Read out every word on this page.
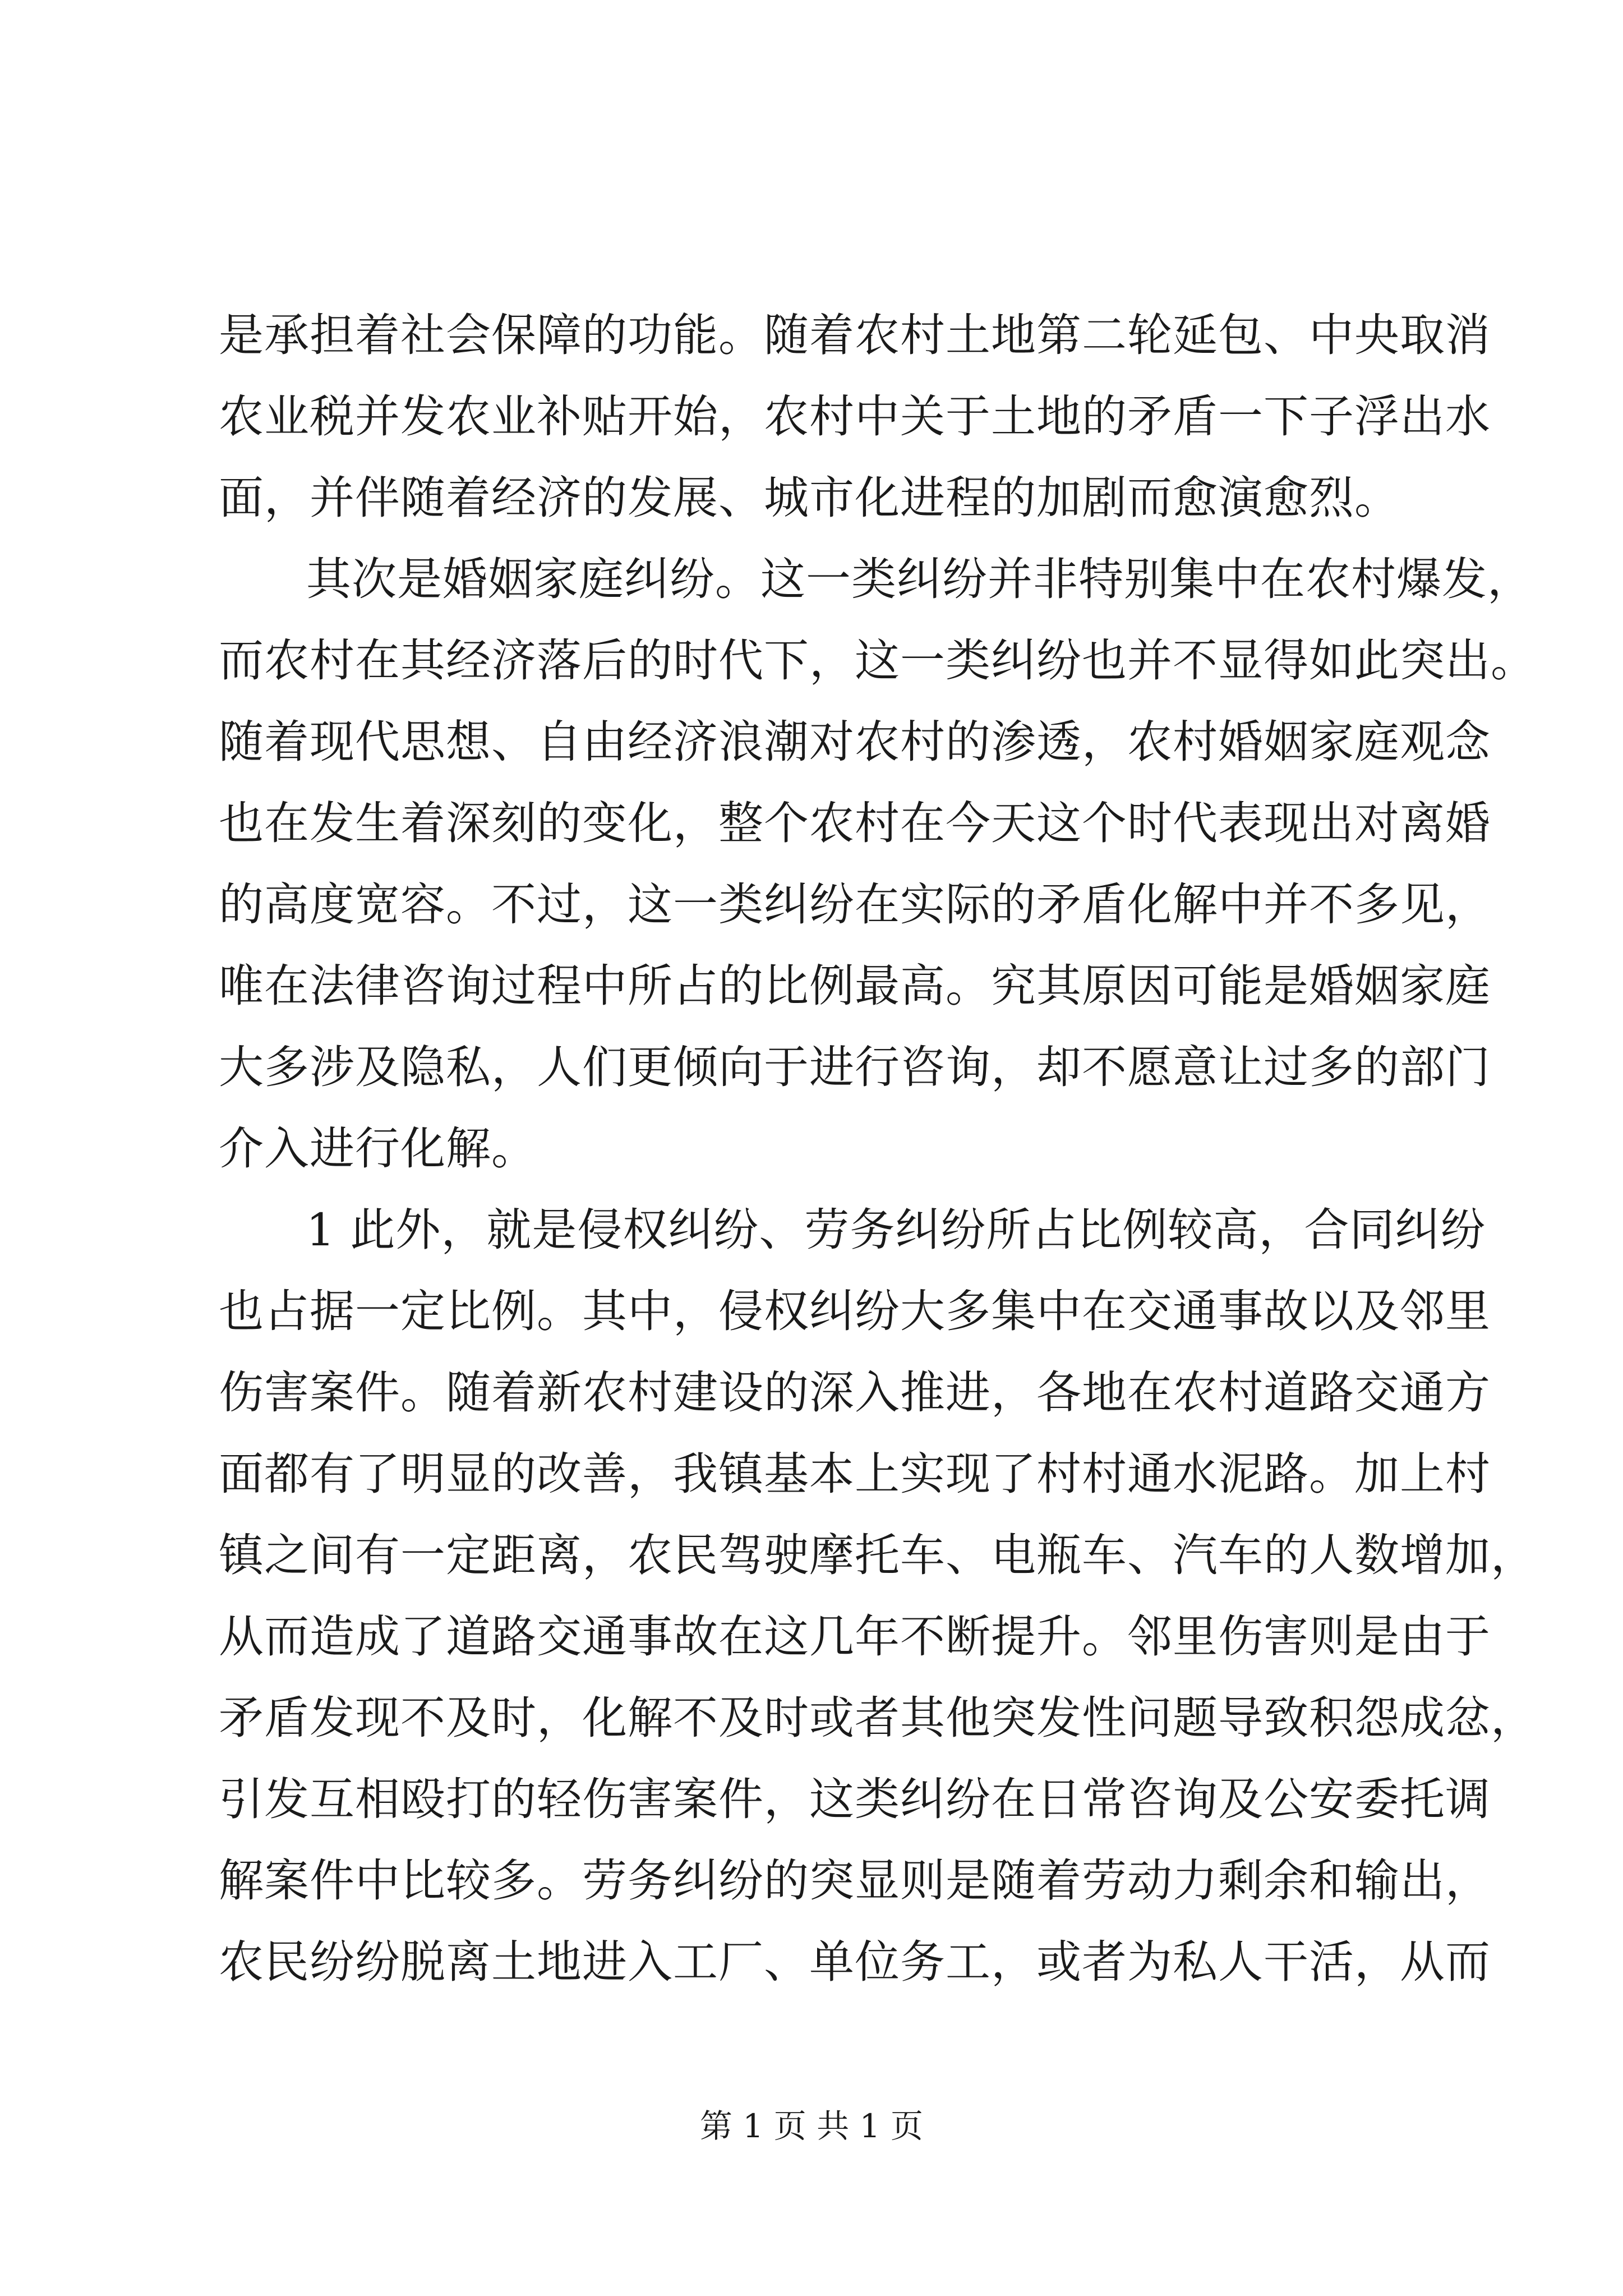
是承担着社会保障的功能。随着农村土地第二轮延包、中央取消
农业税并发农业补贴开始，农村中关于土地的矛盾一下子浮出水
面，并伴随着经济的发展、城市化进程的加剧而愈演愈烈。
其次是婚姻家庭纠纷。这一类纠纷并非特别集中在农村爆发，
而农村在其经济落后的时代下，这一类纠纷也并不显得如此突出。
随着现代思想、自由经济浪潮对农村的渗透，农村婚姻家庭观念
也在发生着深刻的变化，整个农村在今天这个时代表现出对离婚
的高度宽容。不过，这一类纠纷在实际的矛盾化解中并不多见，
唯在法律咨询过程中所占的比例最高。究其原因可能是婚姻家庭
大多涉及隐私，人们更倾向于进行咨询，却不愿意让过多的部门
介入进行化解。
1 此外，就是侵权纠纷、劳务纠纷所占比例较高，合同纠纷
也占据一定比例。其中，侵权纠纷大多集中在交通事故以及邻里
伤害案件。随着新农村建设的深入推进，各地在农村道路交通方
面都有了明显的改善，我镇基本上实现了村村通水泥路。加上村
镇之间有一定距离，农民驾驶摩托车、电瓶车、汽车的人数增加，
从而造成了道路交通事故在这几年不断提升。邻里伤害则是由于
矛盾发现不及时，化解不及时或者其他突发性问题导致积怨成忿，
引发互相殴打的轻伤害案件，这类纠纷在日常咨询及公安委托调
解案件中比较多。劳务纠纷的突显则是随着劳动力剩余和输出，
农民纷纷脱离土地进入工厂、单位务工，或者为私人干活，从而
第 1 页 共 1 页
